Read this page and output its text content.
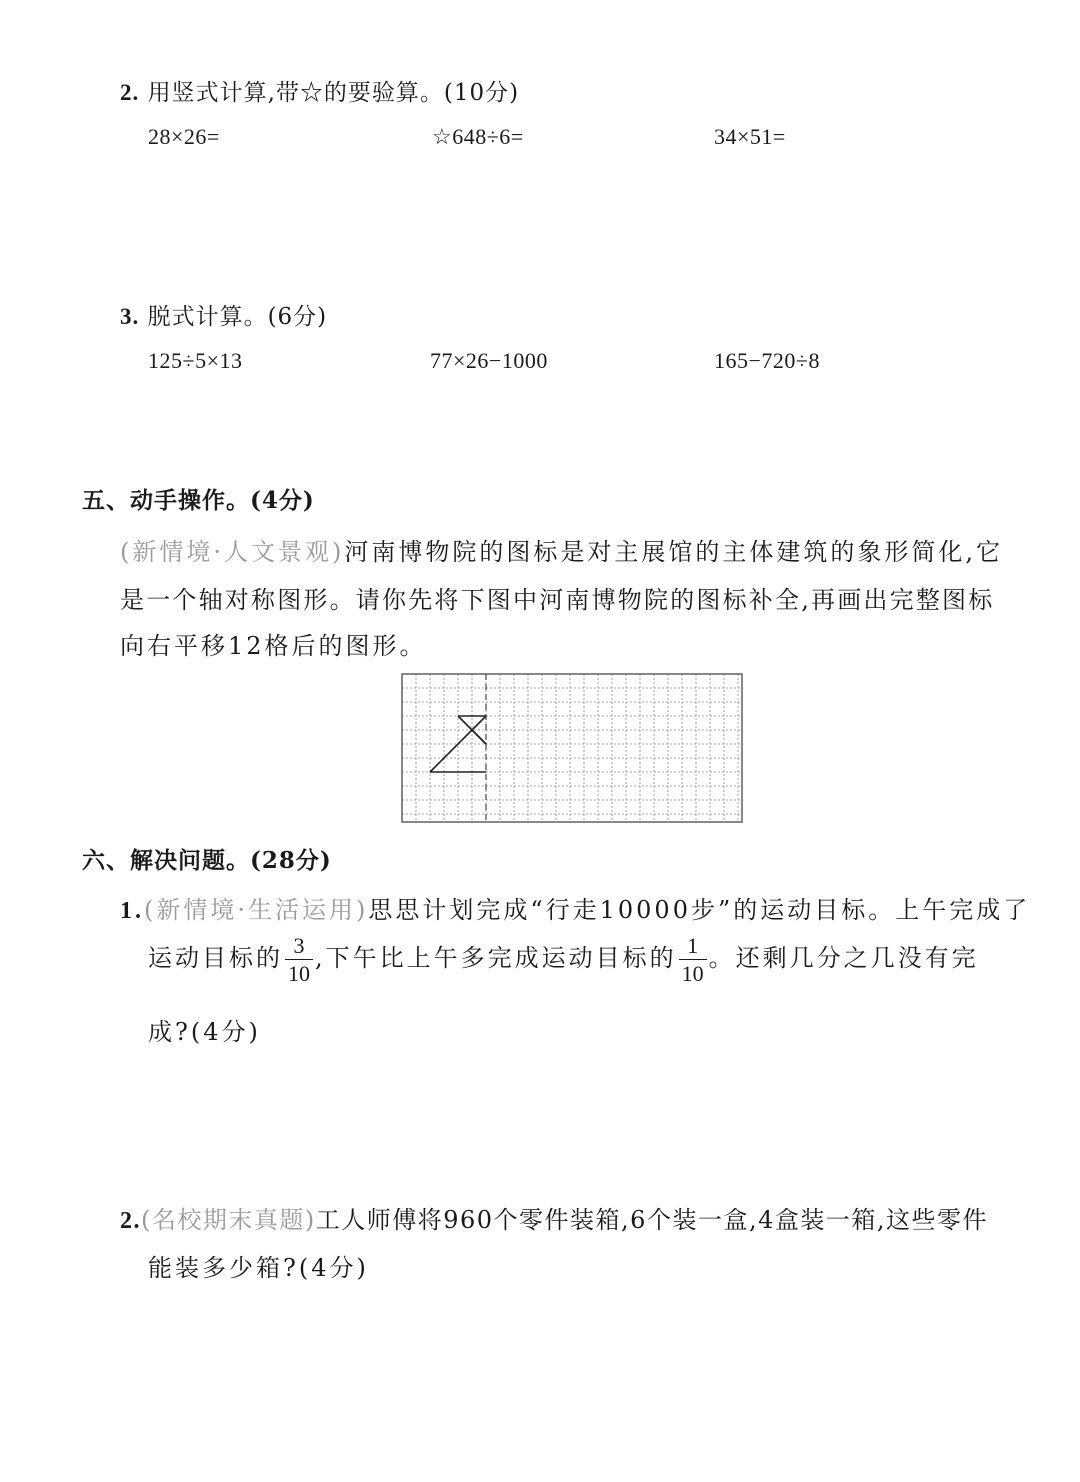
2. 用竖式计算,带☆的要验算。(10分)
28×26=	☆648÷6=	34×51=
3. 脱式计算。(6分)
125÷5×13	77×26−1000	165−720÷8
五、动手操作。(4分)
(新情境·人文景观)河南博物院的图标是对主展馆的主体建筑的象形简化,它
是一个轴对称图形。请你先将下图中河南博物院的图标补全,再画出完整图标
向右平移12格后的图形。
六、解决问题。(28分)
1.(新情境·生活运用)思思计划完成“行走10000步”的运动目标。上午完成了
运动目标的 $\frac{3}{10}$ ,下午比上午多完成运动目标的 $\frac{1}{10}$ 。还剩几分之几没有完
成?(4分)
2.(名校期末真题)工人师傅将960个零件装箱,6个装一盒,4盒装一箱,这些零件
能装多少箱?(4分)
